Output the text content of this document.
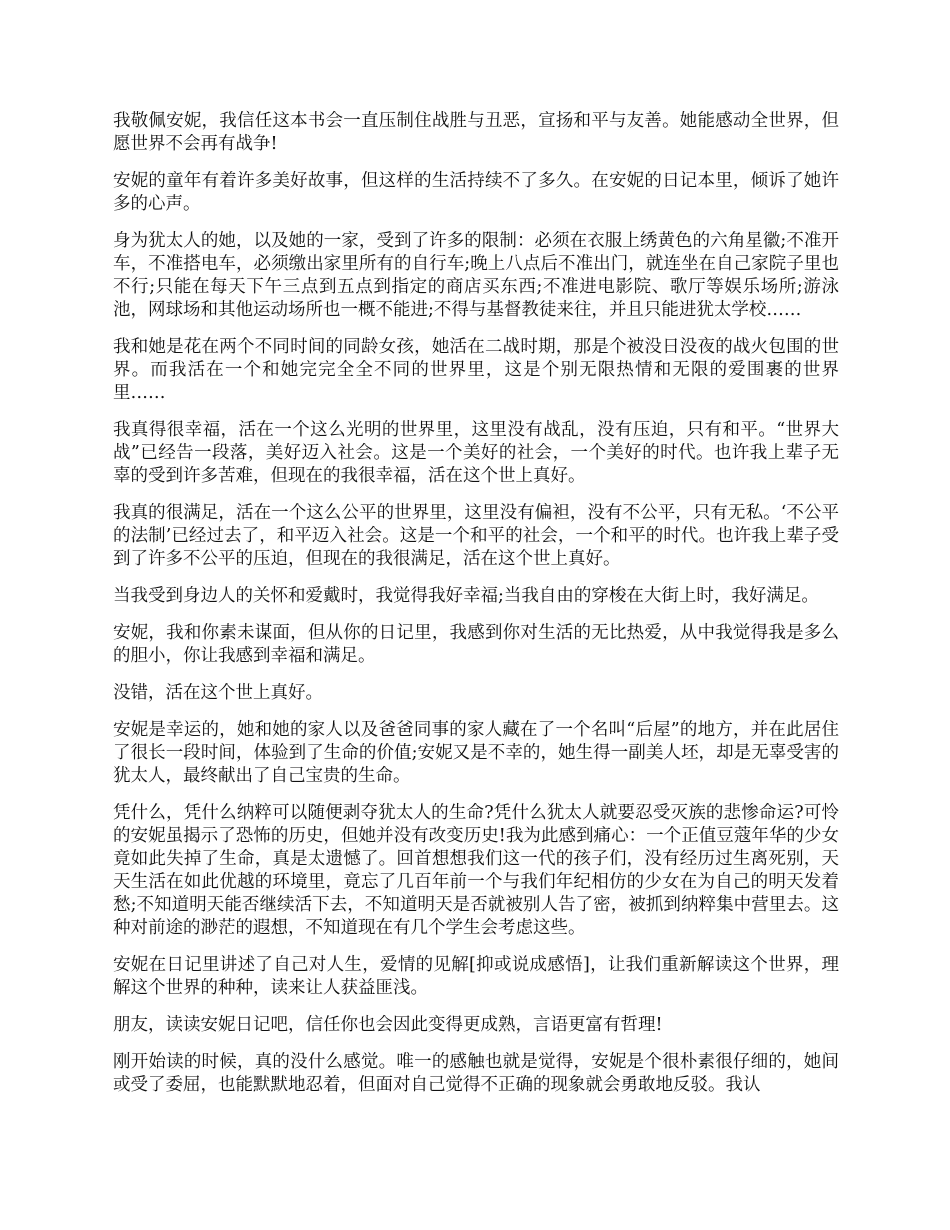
我敬佩安妮，我信任这本书会一直压制住战胜与丑恶，宣扬和平与友善。她能感动全世界，但愿世界不会再有战争!

安妮的童年有着许多美好故事，但这样的生活持续不了多久。在安妮的日记本里，倾诉了她许多的心声。

身为犹太人的她，以及她的一家，受到了许多的限制：必须在衣服上绣黄色的六角星徽;不准开车，不准搭电车，必须缴出家里所有的自行车;晚上八点后不准出门，就连坐在自己家院子里也不行;只能在每天下午三点到五点到指定的商店买东西;不准进电影院、歌厅等娱乐场所;游泳池，网球场和其他运动场所也一概不能进;不得与基督教徒来往，并且只能进犹太学校……

我和她是花在两个不同时间的同龄女孩，她活在二战时期，那是个被没日没夜的战火包围的世界。而我活在一个和她完完全全不同的世界里，这是个别无限热情和无限的爱围裹的世界里……

我真得很幸福，活在一个这么光明的世界里，这里没有战乱，没有压迫，只有和平。“世界大战”已经告一段落，美好迈入社会。这是一个美好的社会，一个美好的时代。也许我上辈子无辜的受到许多苦难，但现在的我很幸福，活在这个世上真好。

我真的很满足，活在一个这么公平的世界里，这里没有偏袒，没有不公平，只有无私。‘不公平的法制’已经过去了，和平迈入社会。这是一个和平的社会，一个和平的时代。也许我上辈子受到了许多不公平的压迫，但现在的我很满足，活在这个世上真好。

当我受到身边人的关怀和爱戴时，我觉得我好幸福;当我自由的穿梭在大街上时，我好满足。

安妮，我和你素未谋面，但从你的日记里，我感到你对生活的无比热爱，从中我觉得我是多么的胆小，你让我感到幸福和满足。

没错，活在这个世上真好。

安妮是幸运的，她和她的家人以及爸爸同事的家人藏在了一个名叫“后屋”的地方，并在此居住了很长一段时间，体验到了生命的价值;安妮又是不幸的，她生得一副美人坯，却是无辜受害的犹太人，最终献出了自己宝贵的生命。

凭什么，凭什么纳粹可以随便剥夺犹太人的生命?凭什么犹太人就要忍受灭族的悲惨命运?可怜的安妮虽揭示了恐怖的历史，但她并没有改变历史!我为此感到痛心：一个正值豆蔻年华的少女竟如此失掉了生命，真是太遗憾了。回首想想我们这一代的孩子们，没有经历过生离死别，天天生活在如此优越的环境里，竟忘了几百年前一个与我们年纪相仿的少女在为自己的明天发着愁;不知道明天能否继续活下去，不知道明天是否就被别人告了密，被抓到纳粹集中营里去。这种对前途的渺茫的遐想，不知道现在有几个学生会考虑这些。

安妮在日记里讲述了自己对人生，爱情的见解[抑或说成感悟]，让我们重新解读这个世界，理解这个世界的种种，读来让人获益匪浅。

朋友，读读安妮日记吧，信任你也会因此变得更成熟，言语更富有哲理!

刚开始读的时候，真的没什么感觉。唯一的感触也就是觉得，安妮是个很朴素很仔细的，她间或受了委屈，也能默默地忍着，但面对自己觉得不正确的现象就会勇敢地反驳。我认
